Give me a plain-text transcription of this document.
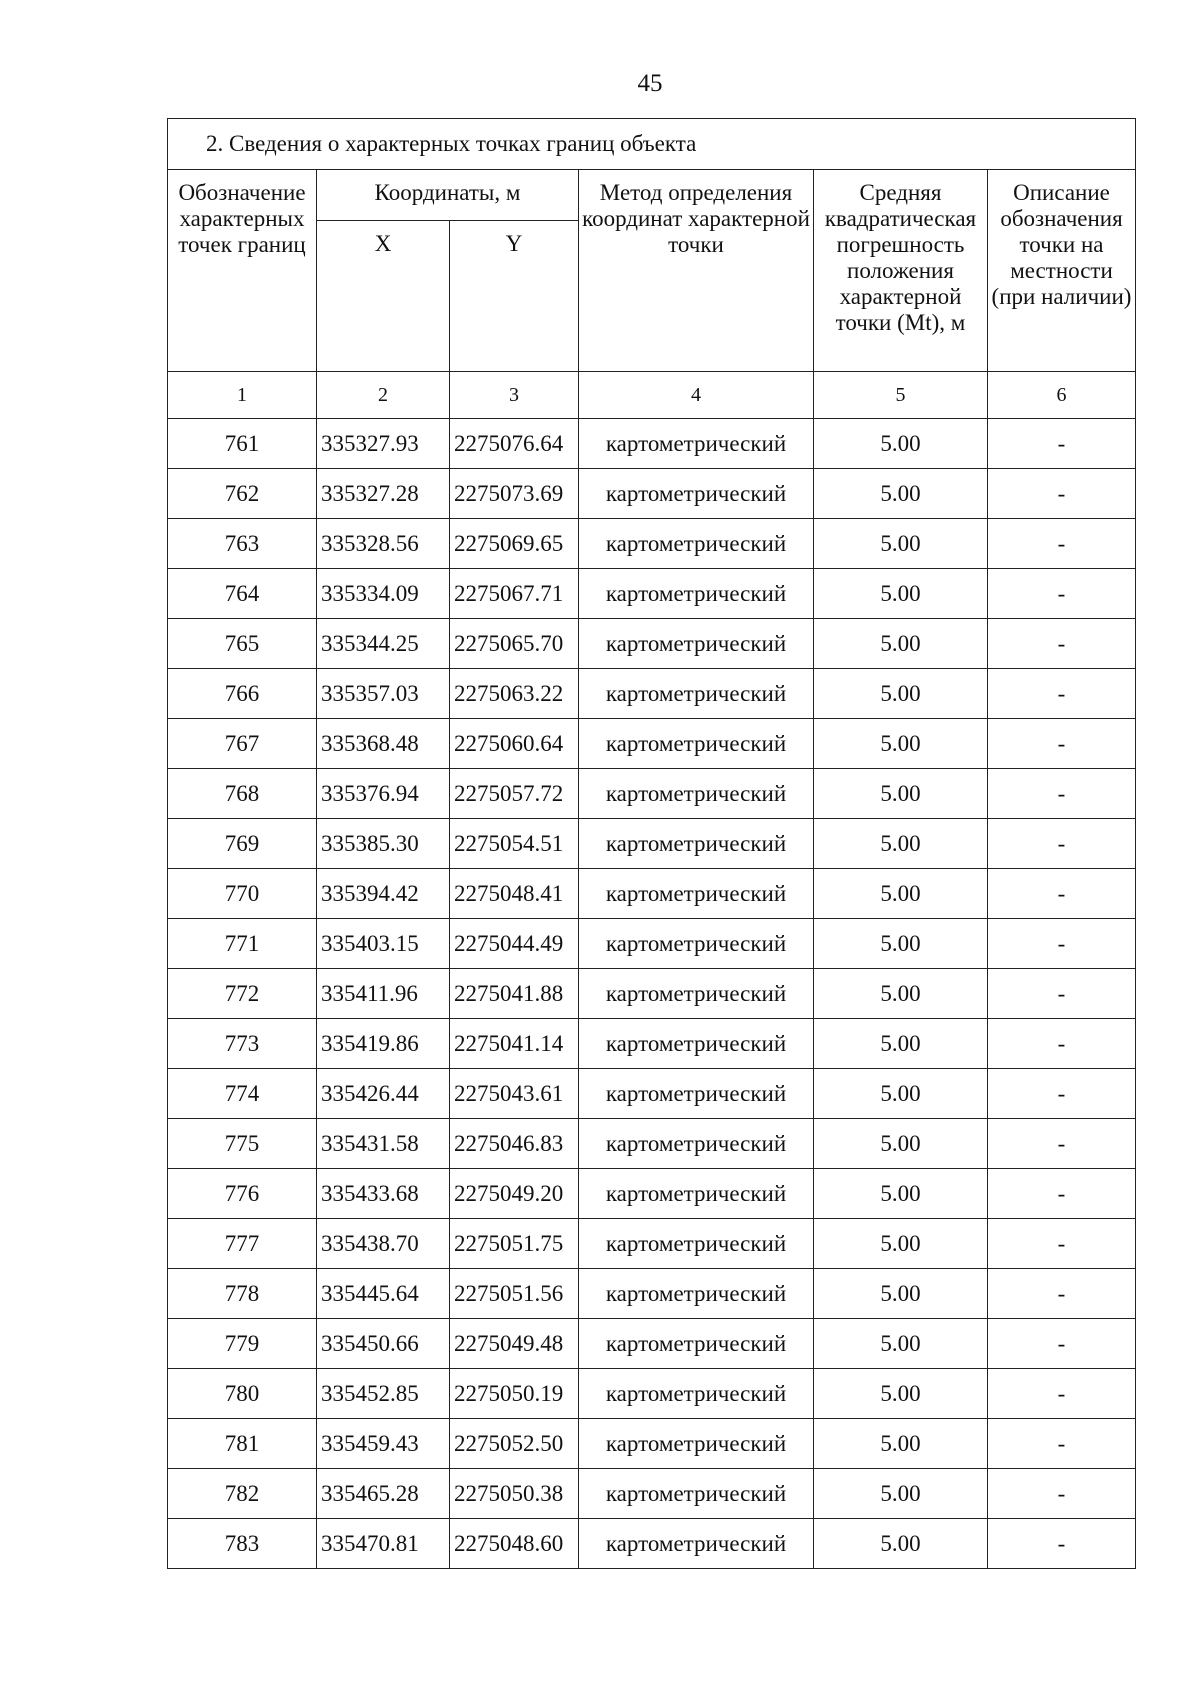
45
2. Сведения о характерных точках границ объекта					
Обозначение характерных точек границ	Координаты, м		Метод определения координат характерной точки	Средняя квадратическая погрешность положения характерной точки (Mt), м	Описание обозначения точки на местности (при наличии)
	X	Y			
1	2	3	4	5	6
761	335327.93	2275076.64	картометрический	5.00	-
762	335327.28	2275073.69	картометрический	5.00	-
763	335328.56	2275069.65	картометрический	5.00	-
764	335334.09	2275067.71	картометрический	5.00	-
765	335344.25	2275065.70	картометрический	5.00	-
766	335357.03	2275063.22	картометрический	5.00	-
767	335368.48	2275060.64	картометрический	5.00	-
768	335376.94	2275057.72	картометрический	5.00	-
769	335385.30	2275054.51	картометрический	5.00	-
770	335394.42	2275048.41	картометрический	5.00	-
771	335403.15	2275044.49	картометрический	5.00	-
772	335411.96	2275041.88	картометрический	5.00	-
773	335419.86	2275041.14	картометрический	5.00	-
774	335426.44	2275043.61	картометрический	5.00	-
775	335431.58	2275046.83	картометрический	5.00	-
776	335433.68	2275049.20	картометрический	5.00	-
777	335438.70	2275051.75	картометрический	5.00	-
778	335445.64	2275051.56	картометрический	5.00	-
779	335450.66	2275049.48	картометрический	5.00	-
780	335452.85	2275050.19	картометрический	5.00	-
781	335459.43	2275052.50	картометрический	5.00	-
782	335465.28	2275050.38	картометрический	5.00	-
783	335470.81	2275048.60	картометрический	5.00	-
